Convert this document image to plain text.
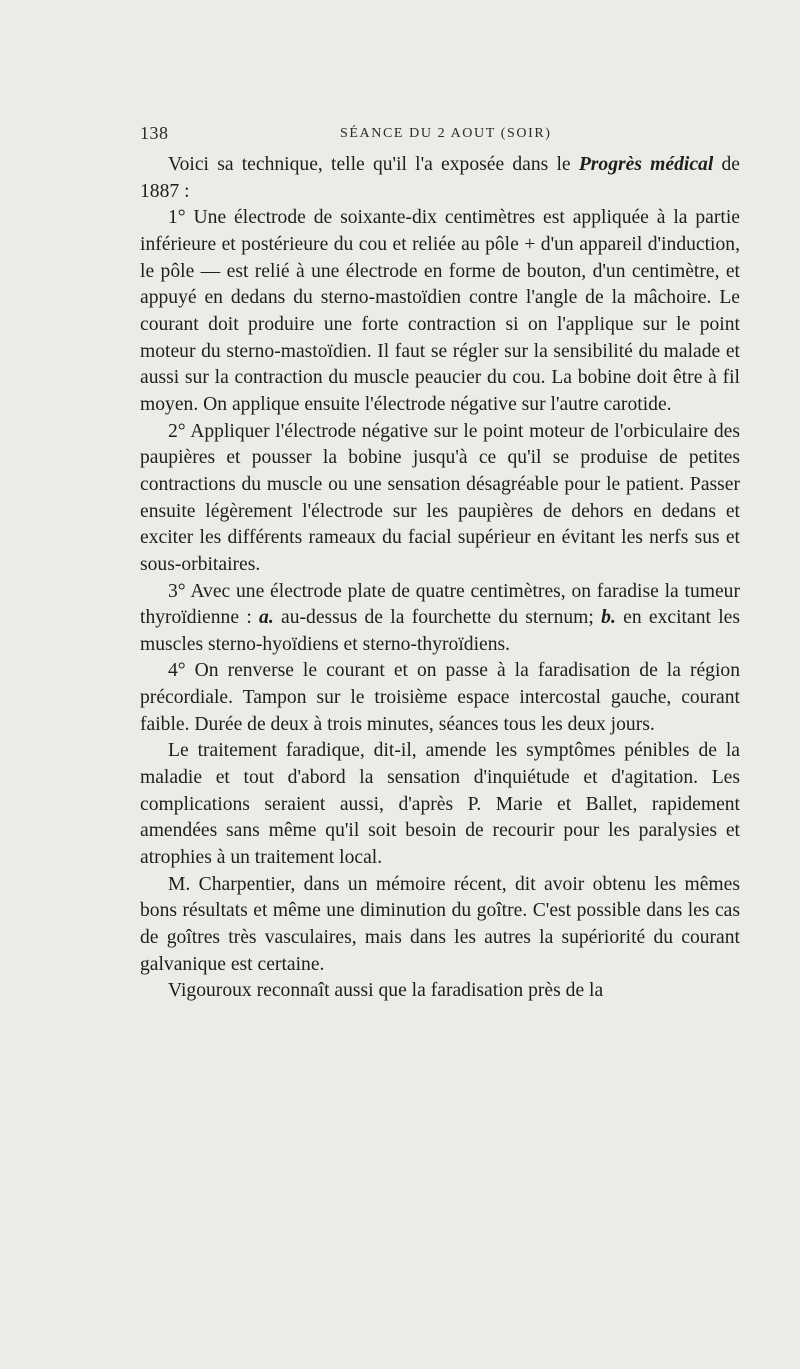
138	SÉANCE DU 2 AOUT (SOIR)

Voici sa technique, telle qu'il l'a exposée dans le Progrès médical de 1887 :

1° Une électrode de soixante-dix centimètres est appliquée à la partie inférieure et postérieure du cou et reliée au pôle + d'un appareil d'induction, le pôle — est relié à une électrode en forme de bouton, d'un centimètre, et appuyé en dedans du sterno-mastoïdien contre l'angle de la mâchoire. Le courant doit produire une forte contraction si on l'applique sur le point moteur du sterno-mastoïdien. Il faut se régler sur la sensibilité du malade et aussi sur la contraction du muscle peaucier du cou. La bobine doit être à fil moyen. On applique ensuite l'électrode négative sur l'autre carotide.

2° Appliquer l'électrode négative sur le point moteur de l'orbiculaire des paupières et pousser la bobine jusqu'à ce qu'il se produise de petites contractions du muscle ou une sensation désagréable pour le patient. Passer ensuite légèrement l'électrode sur les paupières de dehors en dedans et exciter les différents rameaux du facial supérieur en évitant les nerfs sus et sous-orbitaires.

3° Avec une électrode plate de quatre centimètres, on faradise la tumeur thyroïdienne : a. au-dessus de la fourchette du sternum; b. en excitant les muscles sterno-hyoïdiens et sterno-thyroïdiens.

4° On renverse le courant et on passe à la faradisation de la région précordiale. Tampon sur le troisième espace intercostal gauche, courant faible. Durée de deux à trois minutes, séances tous les deux jours.

Le traitement faradique, dit-il, amende les symptômes pénibles de la maladie et tout d'abord la sensation d'inquiétude et d'agitation. Les complications seraient aussi, d'après P. Marie et Ballet, rapidement amendées sans même qu'il soit besoin de recourir pour les paralysies et atrophies à un traitement local.

M. Charpentier, dans un mémoire récent, dit avoir obtenu les mêmes bons résultats et même une diminution du goître. C'est possible dans les cas de goîtres très vasculaires, mais dans les autres la supériorité du courant galvanique est certaine.

Vigouroux reconnaît aussi que la faradisation près de la
